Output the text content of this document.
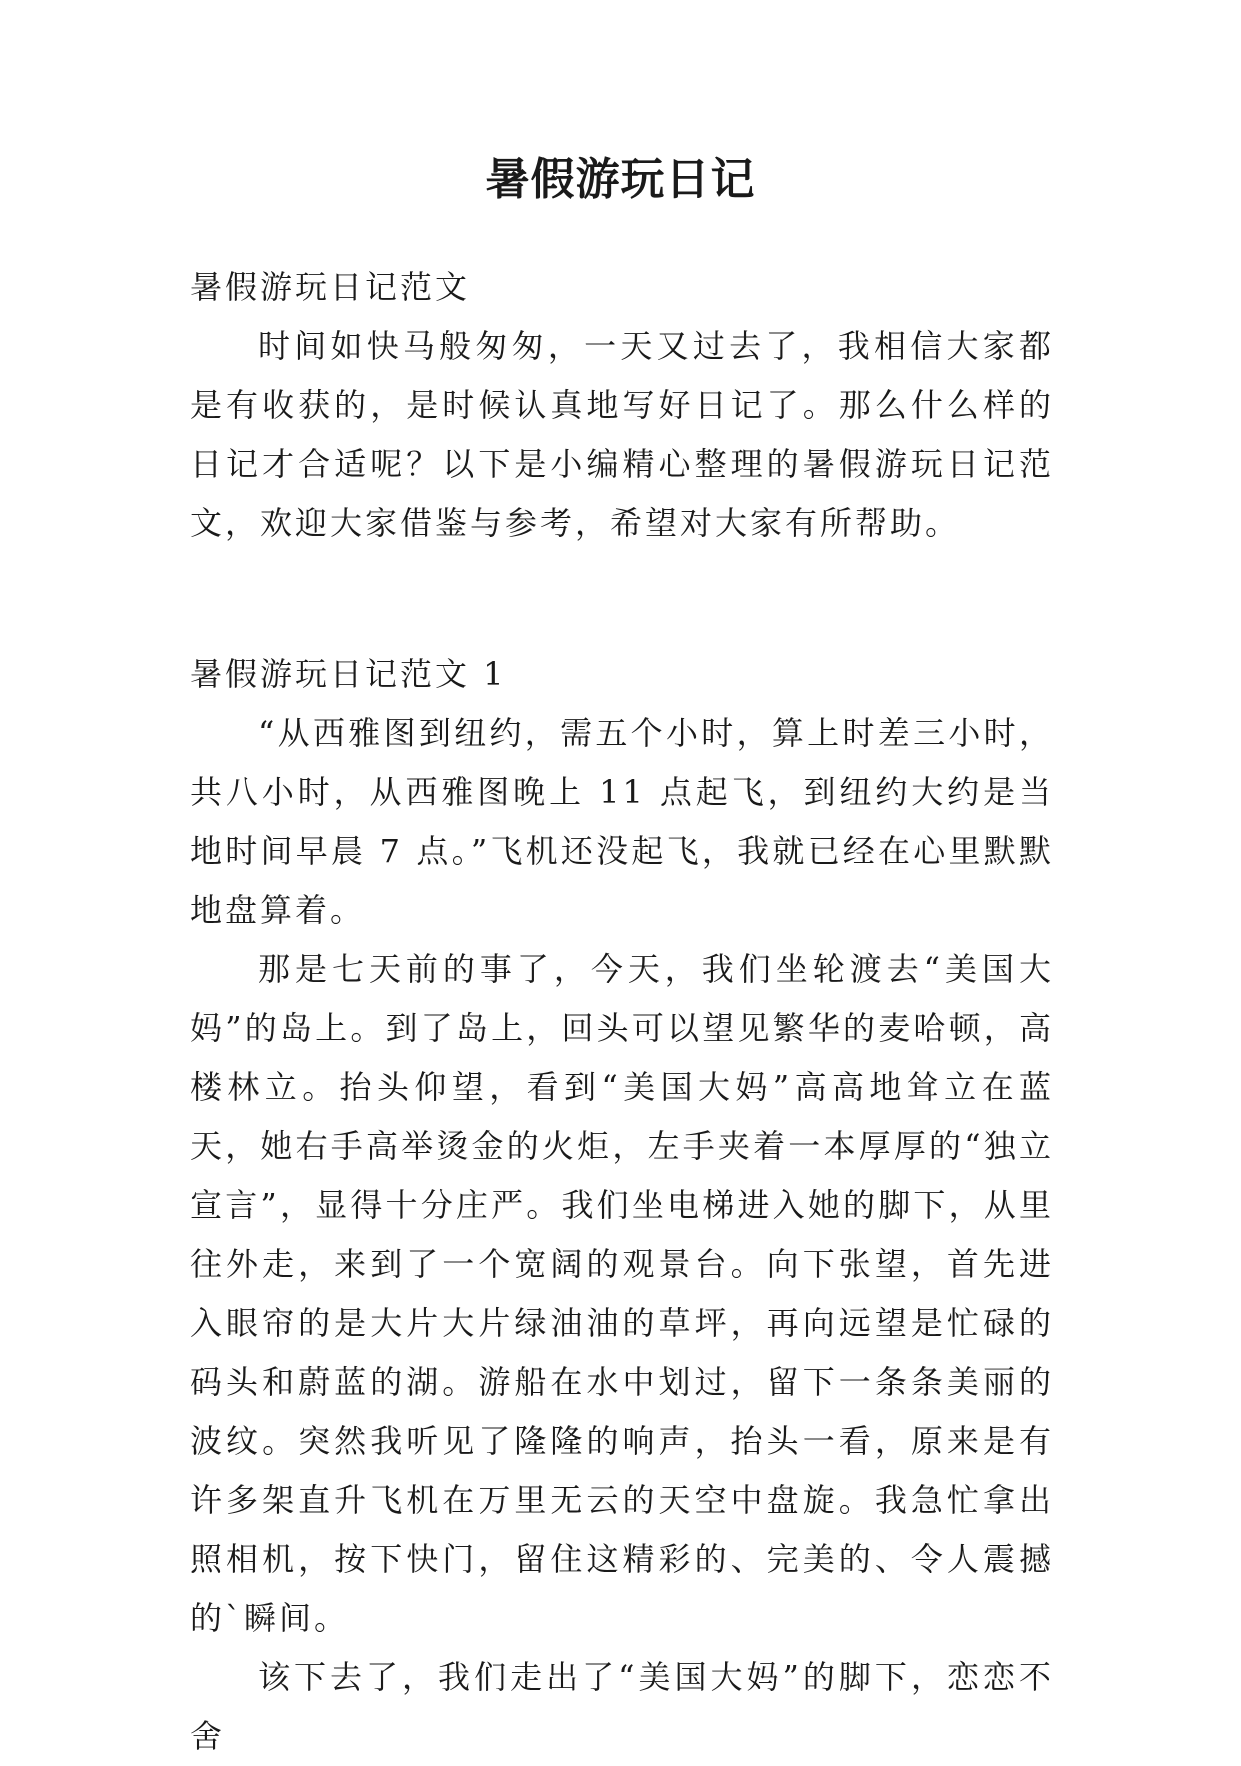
暑假游玩日记

暑假游玩日记范文

时间如快马般匆匆，一天又过去了，我相信大家都是有收获的，是时候认真地写好日记了。那么什么样的日记才合适呢？以下是小编精心整理的暑假游玩日记范文，欢迎大家借鉴与参考，希望对大家有所帮助。

暑假游玩日记范文 1

“从西雅图到纽约，需五个小时，算上时差三小时，共八小时，从西雅图晚上 11 点起飞，到纽约大约是当地时间早晨 7 点。”飞机还没起飞，我就已经在心里默默地盘算着。

那是七天前的事了，今天，我们坐轮渡去“美国大妈”的岛上。到了岛上，回头可以望见繁华的麦哈顿，高楼林立。抬头仰望，看到“美国大妈”高高地耸立在蓝天，她右手高举烫金的火炬，左手夹着一本厚厚的“独立宣言”，显得十分庄严。我们坐电梯进入她的脚下，从里往外走，来到了一个宽阔的观景台。向下张望，首先进入眼帘的是大片大片绿油油的草坪，再向远望是忙碌的码头和蔚蓝的湖。游船在水中划过，留下一条条美丽的波纹。突然我听见了隆隆的响声，抬头一看，原来是有许多架直升飞机在万里无云的天空中盘旋。我急忙拿出照相机，按下快门，留住这精彩的、完美的、令人震撼的`瞬间。

该下去了，我们走出了“美国大妈”的脚下，恋恋不舍
